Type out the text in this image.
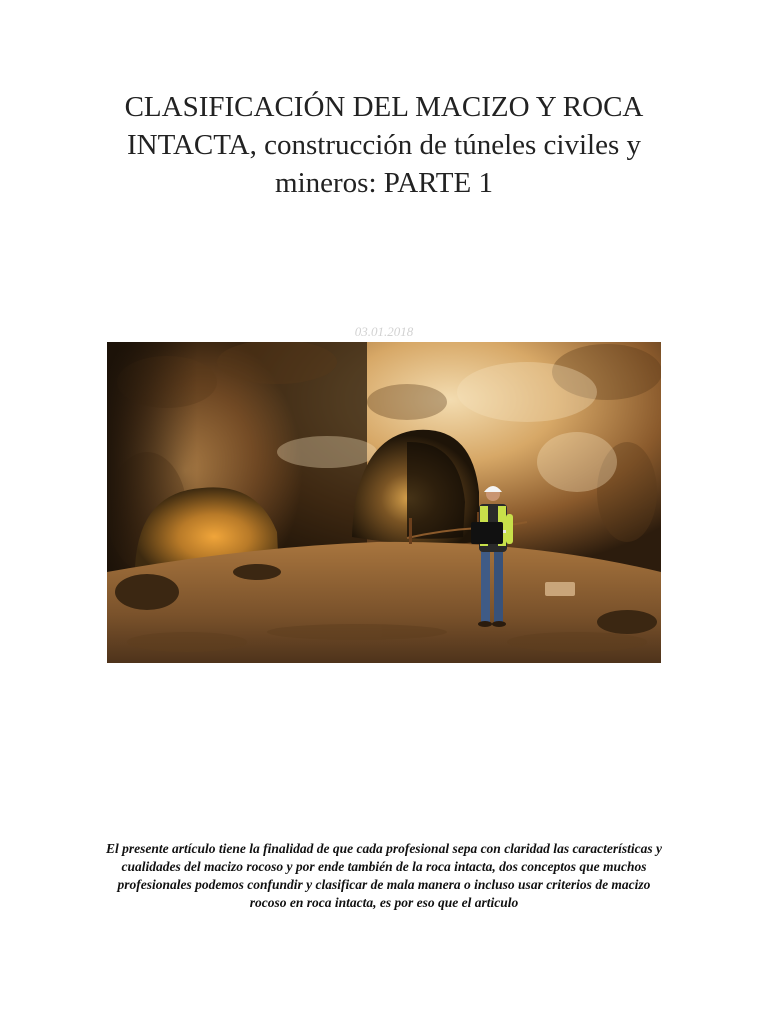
CLASIFICACIÓN DEL MACIZO Y ROCA INTACTA, construcción de túneles civiles y mineros: PARTE 1
03.01.2018

El presente artículo tiene la finalidad de que cada profesional sepa con claridad las características y cualidades del macizo rocoso y por ende también de la roca intacta, dos conceptos que muchos profesionales podemos confundir y clasificar de mala manera o incluso usar criterios de macizo rocoso en roca intacta, es por eso que el articulo
